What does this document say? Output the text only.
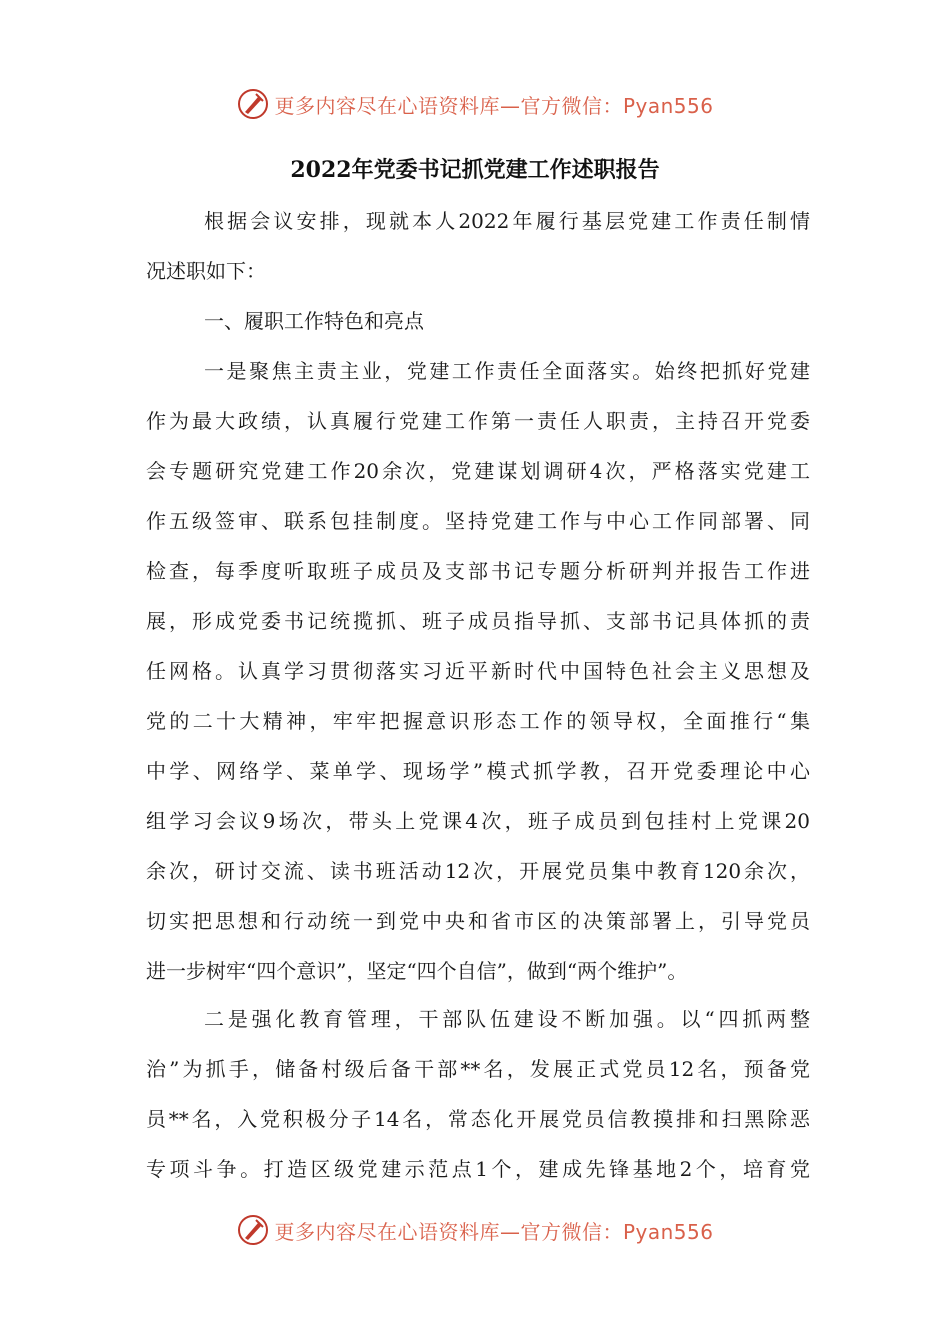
更多内容尽在心语资料库—官方微信：Pyan556
2022年党委书记抓党建工作述职报告
根据会议安排，现就本人2022年履行基层党建工作责任制情
况述职如下：
一、履职工作特色和亮点
一是聚焦主责主业，党建工作责任全面落实。始终把抓好党建
作为最大政绩，认真履行党建工作第一责任人职责，主持召开党委
会专题研究党建工作20余次，党建谋划调研4次，严格落实党建工
作五级签审、联系包挂制度。坚持党建工作与中心工作同部署、同
检查，每季度听取班子成员及支部书记专题分析研判并报告工作进
展，形成党委书记统揽抓、班子成员指导抓、支部书记具体抓的责
任网格。认真学习贯彻落实习近平新时代中国特色社会主义思想及
党的二十大精神，牢牢把握意识形态工作的领导权，全面推行“集
中学、网络学、菜单学、现场学”模式抓学教，召开党委理论中心
组学习会议9场次，带头上党课4次，班子成员到包挂村上党课20
余次，研讨交流、读书班活动12次，开展党员集中教育120余次，
切实把思想和行动统一到党中央和省市区的决策部署上，引导党员
进一步树牢“四个意识”，坚定“四个自信”，做到“两个维护”。
二是强化教育管理，干部队伍建设不断加强。以“四抓两整
治”为抓手，储备村级后备干部**名，发展正式党员12名，预备党
员**名，入党积极分子14名，常态化开展党员信教摸排和扫黑除恶
专项斗争。打造区级党建示范点1个，建成先锋基地2个，培育党
更多内容尽在心语资料库—官方微信：Pyan556
